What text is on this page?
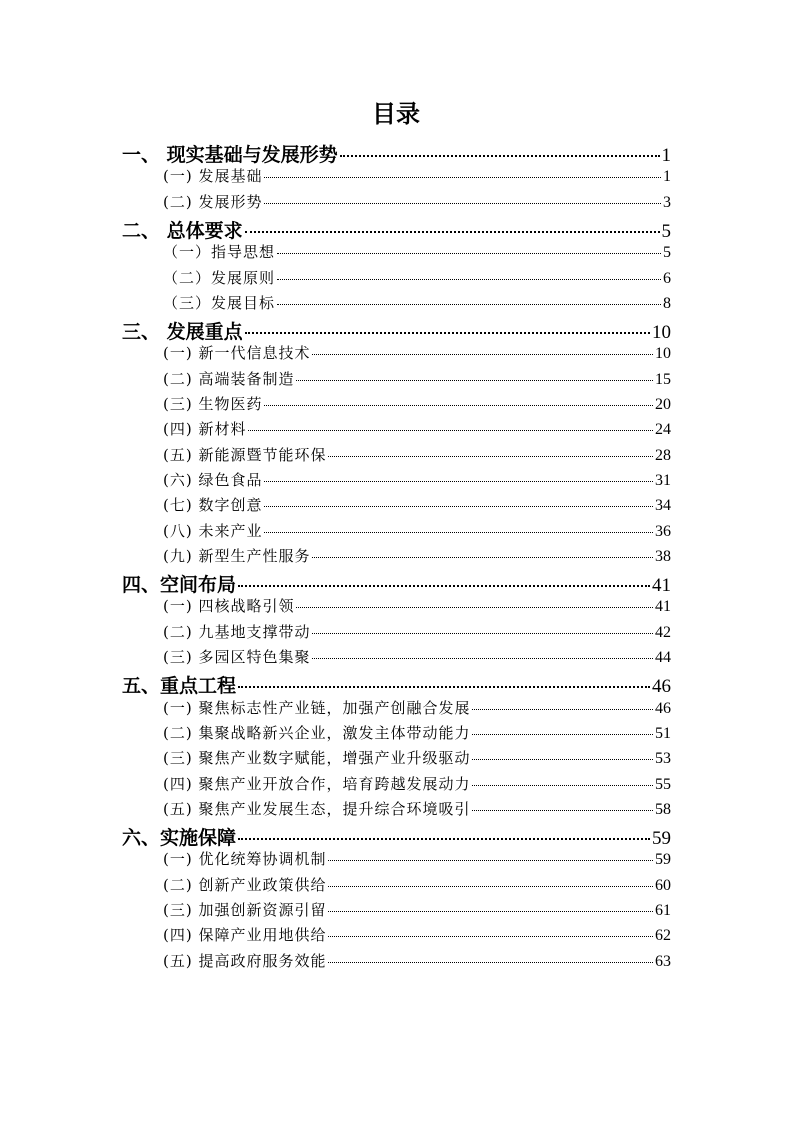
目录
一、 现实基础与发展形势	1
(一) 发展基础	1
(二) 发展形势	3
二、 总体要求	5
（一）指导思想	5
（二）发展原则	6
（三）发展目标	8
三、 发展重点	10
(一) 新一代信息技术	10
(二) 高端装备制造	15
(三) 生物医药	20
(四) 新材料	24
(五) 新能源暨节能环保	28
(六) 绿色食品	31
(七) 数字创意	34
(八) 未来产业	36
(九) 新型生产性服务	38
四、空间布局	41
(一) 四核战略引领	41
(二) 九基地支撑带动	42
(三) 多园区特色集聚	44
五、重点工程	46
(一) 聚焦标志性产业链，加强产创融合发展	46
(二) 集聚战略新兴企业，激发主体带动能力	51
(三) 聚焦产业数字赋能，增强产业升级驱动	53
(四) 聚焦产业开放合作，培育跨越发展动力	55
(五) 聚焦产业发展生态，提升综合环境吸引	58
六、实施保障	59
(一) 优化统筹协调机制	59
(二) 创新产业政策供给	60
(三) 加强创新资源引留	61
(四) 保障产业用地供给	62
(五) 提高政府服务效能	63
